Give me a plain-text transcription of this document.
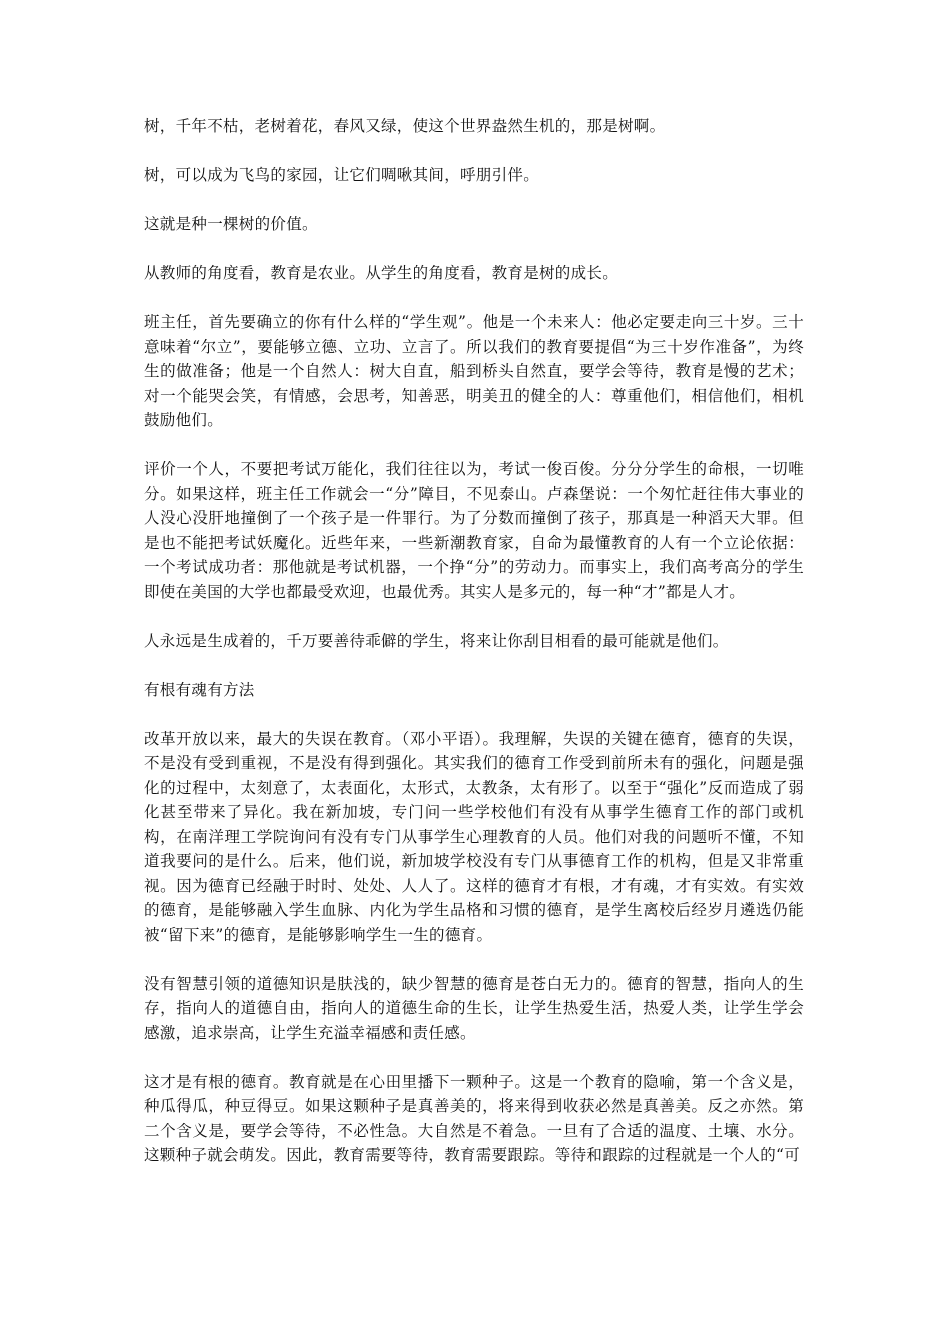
树，千年不枯，老树着花，春风又绿，使这个世界盎然生机的，那是树啊。

树，可以成为飞鸟的家园，让它们啁啾其间，呼朋引伴。

这就是种一棵树的价值。

从教师的角度看，教育是农业。从学生的角度看，教育是树的成长。

班主任，首先要确立的你有什么样的“学生观”。他是一个未来人：他必定要走向三十岁。三十意味着“尔立”，要能够立德、立功、立言了。所以我们的教育要提倡“为三十岁作准备”，为终生的做准备；他是一个自然人：树大自直，船到桥头自然直，要学会等待，教育是慢的艺术；对一个能哭会笑，有情感，会思考，知善恶，明美丑的健全的人：尊重他们，相信他们，相机鼓励他们。

评价一个人，不要把考试万能化，我们往往以为，考试一俊百俊。分分分学生的命根，一切唯分。如果这样，班主任工作就会一“分”障目，不见泰山。卢森堡说：一个匆忙赶往伟大事业的人没心没肝地撞倒了一个孩子是一件罪行。为了分数而撞倒了孩子，那真是一种滔天大罪。但是也不能把考试妖魔化。近些年来，一些新潮教育家，自命为最懂教育的人有一个立论依据：一个考试成功者：那他就是考试机器，一个挣“分”的劳动力。而事实上，我们高考高分的学生即使在美国的大学也都最受欢迎，也最优秀。其实人是多元的，每一种“才”都是人才。

人永远是生成着的，千万要善待乖僻的学生，将来让你刮目相看的最可能就是他们。

有根有魂有方法

改革开放以来，最大的失误在教育。（邓小平语）。我理解，失误的关键在德育，德育的失误，不是没有受到重视，不是没有得到强化。其实我们的德育工作受到前所未有的强化，问题是强化的过程中，太刻意了，太表面化，太形式，太教条，太有形了。以至于“强化”反而造成了弱化甚至带来了异化。我在新加坡，专门问一些学校他们有没有从事学生德育工作的部门或机构，在南洋理工学院询问有没有专门从事学生心理教育的人员。他们对我的问题听不懂，不知道我要问的是什么。后来，他们说，新加坡学校没有专门从事德育工作的机构，但是又非常重视。因为德育已经融于时时、处处、人人了。这样的德育才有根，才有魂，才有实效。有实效的德育，是能够融入学生血脉、内化为学生品格和习惯的德育，是学生离校后经岁月遴选仍能被“留下来”的德育，是能够影响学生一生的德育。

没有智慧引领的道德知识是肤浅的，缺少智慧的德育是苍白无力的。德育的智慧，指向人的生存，指向人的道德自由，指向人的道德生命的生长，让学生热爱生活，热爱人类，让学生学会感激，追求崇高，让学生充溢幸福感和责任感。

这才是有根的德育。教育就是在心田里播下一颗种子。这是一个教育的隐喻，第一个含义是，种瓜得瓜，种豆得豆。如果这颗种子是真善美的，将来得到收获必然是真善美。反之亦然。第二个含义是，要学会等待，不必性急。大自然是不着急。一旦有了合适的温度、土壤、水分。这颗种子就会萌发。因此，教育需要等待，教育需要跟踪。等待和跟踪的过程就是一个人的“可
